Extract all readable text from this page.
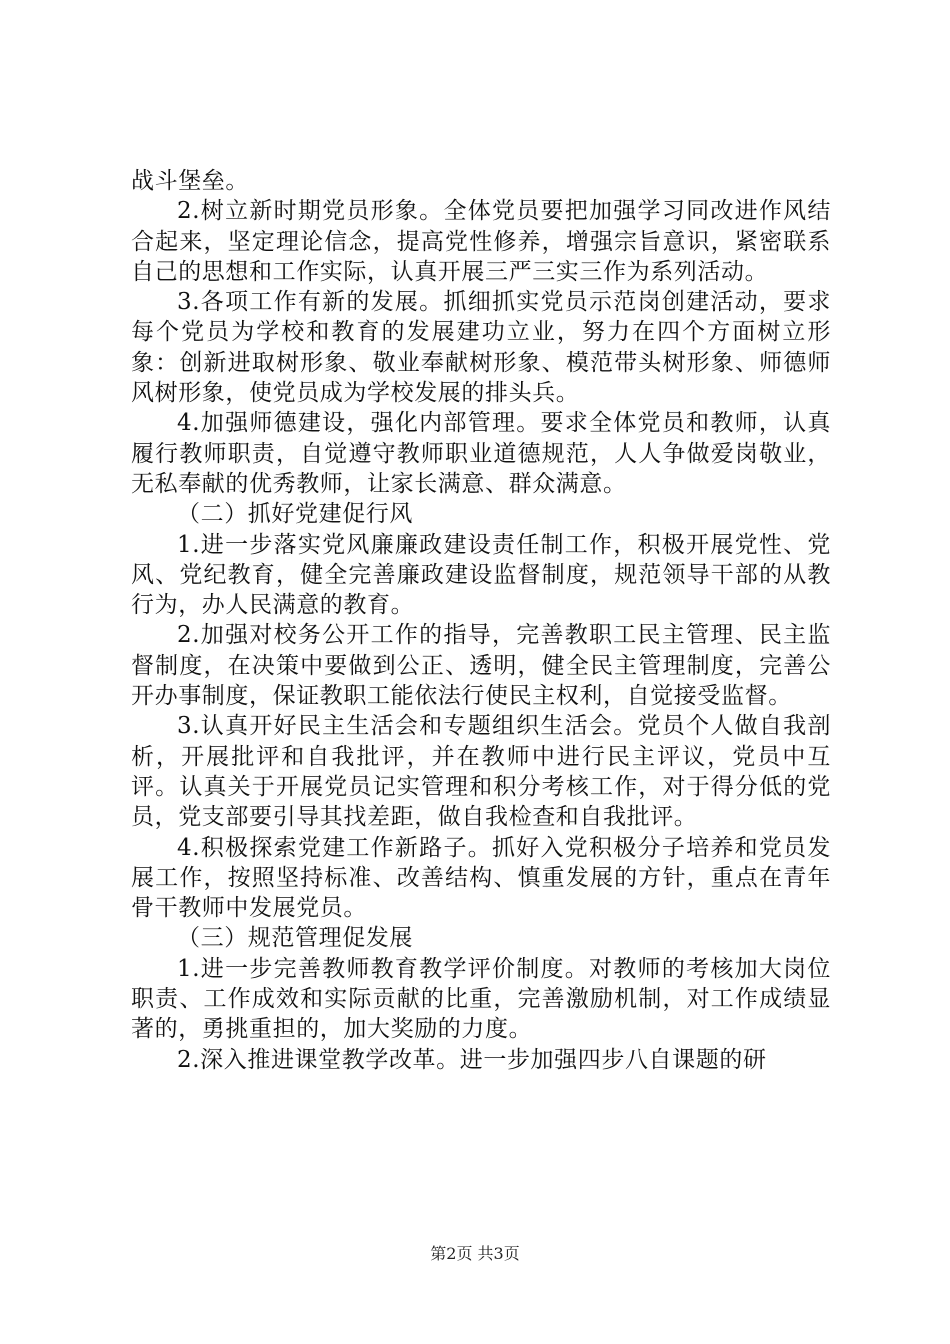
战斗堡垒。

2.树立新时期党员形象。全体党员要把加强学习同改进作风结合起来，坚定理论信念，提高党性修养，增强宗旨意识，紧密联系自己的思想和工作实际，认真开展三严三实三作为系列活动。

3.各项工作有新的发展。抓细抓实党员示范岗创建活动，要求每个党员为学校和教育的发展建功立业，努力在四个方面树立形象：创新进取树形象、敬业奉献树形象、模范带头树形象、师德师风树形象，使党员成为学校发展的排头兵。

4.加强师德建设，强化内部管理。要求全体党员和教师，认真履行教师职责，自觉遵守教师职业道德规范，人人争做爱岗敬业，无私奉献的优秀教师，让家长满意、群众满意。

（二）抓好党建促行风

1.进一步落实党风廉廉政建设责任制工作，积极开展党性、党风、党纪教育，健全完善廉政建设监督制度，规范领导干部的从教行为，办人民满意的教育。

2.加强对校务公开工作的指导，完善教职工民主管理、民主监督制度，在决策中要做到公正、透明，健全民主管理制度，完善公开办事制度，保证教职工能依法行使民主权利，自觉接受监督。

3.认真开好民主生活会和专题组织生活会。党员个人做自我剖析，开展批评和自我批评，并在教师中进行民主评议，党员中互评。认真关于开展党员记实管理和积分考核工作，对于得分低的党员，党支部要引导其找差距，做自我检查和自我批评。

4.积极探索党建工作新路子。抓好入党积极分子培养和党员发展工作，按照坚持标准、改善结构、慎重发展的方针，重点在青年骨干教师中发展党员。

（三）规范管理促发展

1.进一步完善教师教育教学评价制度。对教师的考核加大岗位职责、工作成效和实际贡献的比重，完善激励机制，对工作成绩显著的，勇挑重担的，加大奖励的力度。

2.深入推进课堂教学改革。进一步加强四步八自课题的研

第2页 共3页
